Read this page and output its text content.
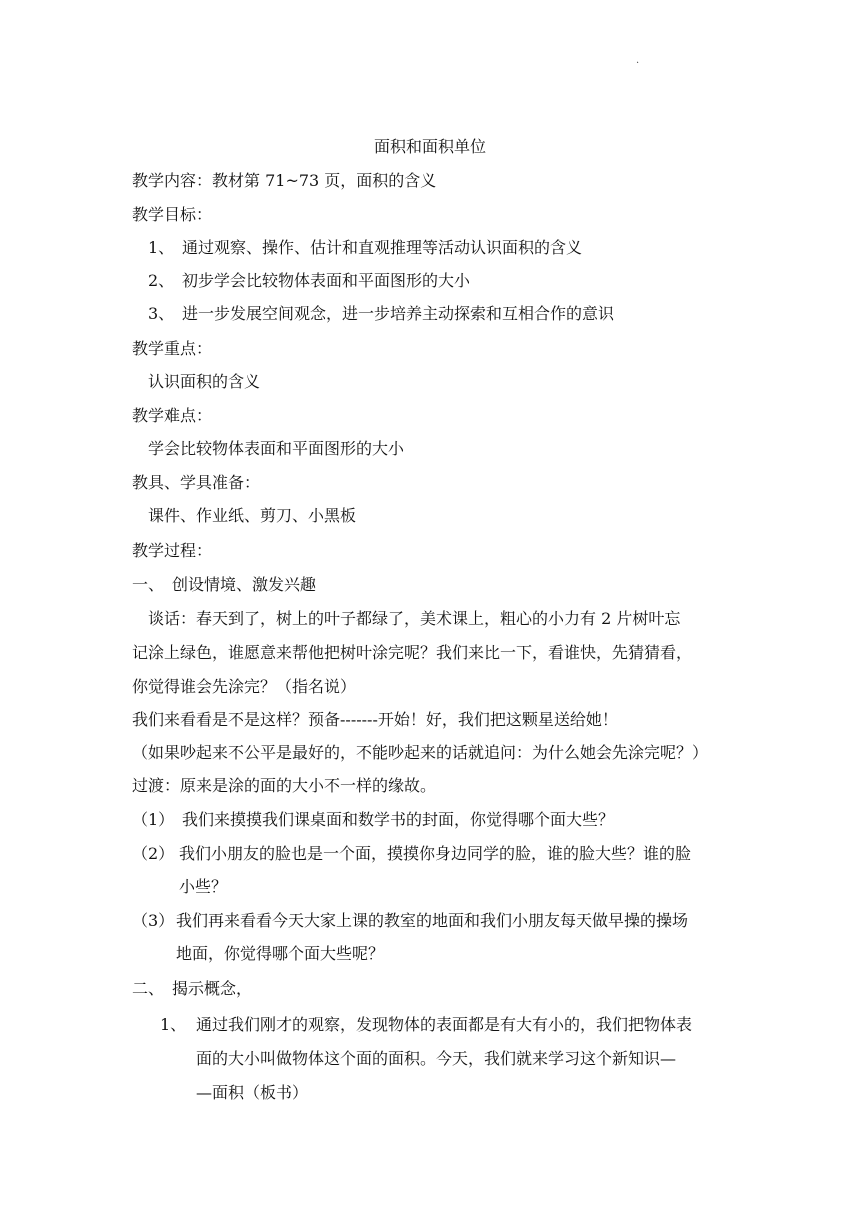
·
面积和面积单位
教学内容：教材第 71~73 页，面积的含义
教学目标：
1、 通过观察、操作、估计和直观推理等活动认识面积的含义
2、 初步学会比较物体表面和平面图形的大小
3、 进一步发展空间观念，进一步培养主动探索和互相合作的意识
教学重点：
认识面积的含义
教学难点：
学会比较物体表面和平面图形的大小
教具、学具准备：
课件、作业纸、剪刀、小黑板
教学过程：
一、 创设情境、激发兴趣
谈话：春天到了，树上的叶子都绿了，美术课上，粗心的小力有 2 片树叶忘
记涂上绿色，谁愿意来帮他把树叶涂完呢？我们来比一下，看谁快，先猜猜看，
你觉得谁会先涂完？（指名说）
我们来看看是不是这样？预备-------开始！好，我们把这颗星送给她！
（如果吵起来不公平是最好的，不能吵起来的话就追问：为什么她会先涂完呢？）
过渡：原来是涂的面的大小不一样的缘故。
（1） 我们来摸摸我们课桌面和数学书的封面，你觉得哪个面大些？
（2） 我们小朋友的脸也是一个面，摸摸你身边同学的脸，谁的脸大些？谁的脸
小些？
（3） 我们再来看看今天大家上课的教室的地面和我们小朋友每天做早操的操场
地面，你觉得哪个面大些呢？
二、 揭示概念，
1、 通过我们刚才的观察，发现物体的表面都是有大有小的，我们把物体表
面的大小叫做物体这个面的面积。今天，我们就来学习这个新知识—
—面积（板书）
